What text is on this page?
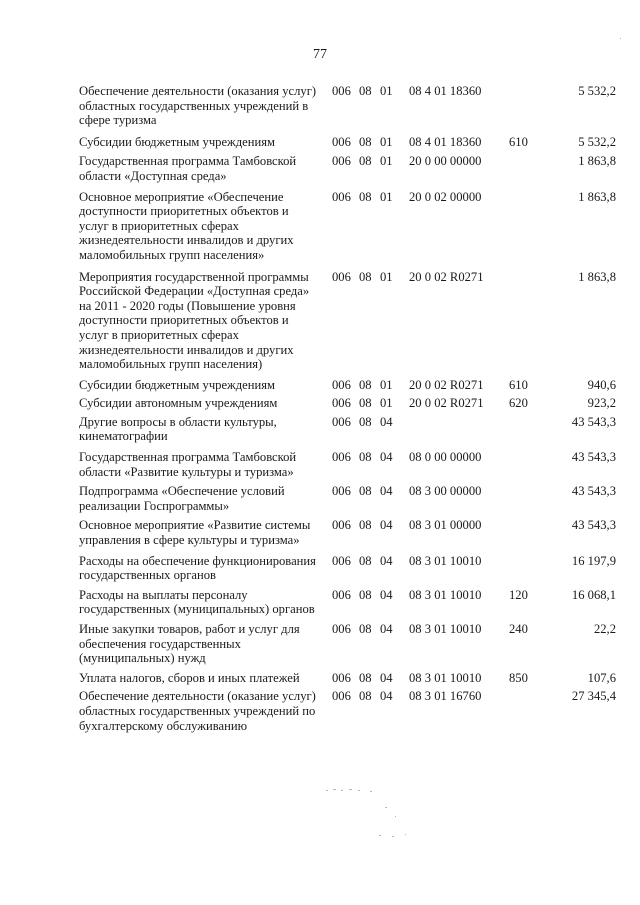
77
Обеспечение деятельности (оказания услуг) областных государственных учреждений в сфере туризма
006 08 01 08 4 01 18360	5 532,2
Субсидии бюджетным учреждениям	006 08 01 08 4 01 18360 610	5 532,2
Государственная программа Тамбовской области «Доступная среда»
006 08 01 20 0 00 00000	1 863,8
Основное мероприятие «Обеспечение доступности приоритетных объектов и услуг в приоритетных сферах жизнедеятельности инвалидов и других маломобильных групп населения»
006 08 01 20 0 02 00000	1 863,8
Мероприятия государственной программы Российской Федерации «Доступная среда» на 2011 - 2020 годы (Повышение уровня доступности приоритетных объектов и услуг в приоритетных сферах жизнедеятельности инвалидов и других маломобильных групп населения)
006 08 01 20 0 02 R0271	1 863,8
Субсидии бюджетным учреждениям	006 08 01 20 0 02 R0271 610	940,6
Субсидии автономным учреждениям	006 08 01 20 0 02 R0271 620	923,2
Другие вопросы в области культуры, кинематографии
006 08 04	43 543,3
Государственная программа Тамбовской области «Развитие культуры и туризма»
006 08 04 08 0 00 00000	43 543,3
Подпрограмма «Обеспечение условий реализации Госпрограммы»
006 08 04 08 3 00 00000	43 543,3
Основное мероприятие «Развитие системы управления в сфере культуры и туризма»
006 08 04 08 3 01 00000	43 543,3
Расходы на обеспечение функционирования государственных органов
006 08 04 08 3 01 10010	16 197,9
Расходы на выплаты персоналу государственных (муниципальных) органов
006 08 04 08 3 01 10010 120	16 068,1
Иные закупки товаров, работ и услуг для обеспечения государственных (муниципальных) нужд
006 08 04 08 3 01 10010 240	22,2
Уплата налогов, сборов и иных платежей	006 08 04 08 3 01 10010 850	107,6
Обеспечение деятельности (оказание услуг) областных государственных учреждений по бухгалтерскому обслуживанию
006 08 04 08 3 01 16760	27 345,4
